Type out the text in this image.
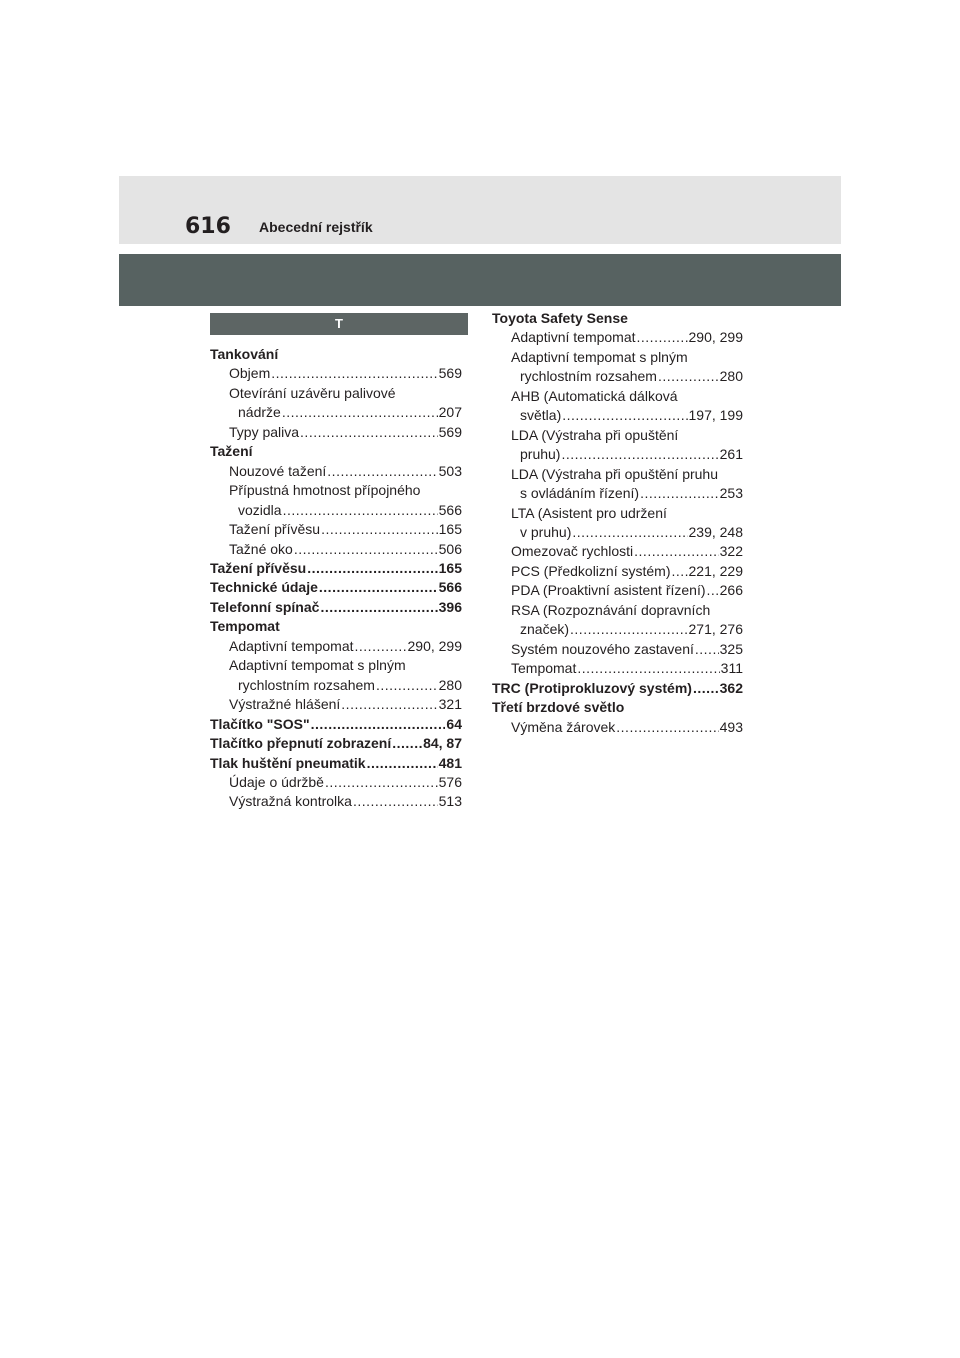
616 Abecední rejstřík
T
Tankování
Objem .....	569
Otevírání uzávěru palivové
nádrže .....	207
Typy paliva .....	569
Tažení
Nouzové tažení .....	503
Přípustná hmotnost přípojného
vozidla .....	566
Tažení přívěsu .....	165
Tažné oko .....	506
Tažení přívěsu .....	165
Technické údaje .....	566
Telefonní spínač .....	396
Tempomat
Adaptivní tempomat .....	290, 299
Adaptivní tempomat s plným
rychlostním rozsahem .....	280
Výstražné hlášení .....	321
Tlačítko "SOS" .....	64
Tlačítko přepnutí zobrazení ..... 84, 87
Tlak huštění pneumatik .....	481
Údaje o údržbě .....	576
Výstražná kontrolka .....	513
Toyota Safety Sense
Adaptivní tempomat .....	290, 299
Adaptivní tempomat s plným
rychlostním rozsahem .....	280
AHB (Automatická dálková
světla) .....	197, 199
LDA (Výstraha při opuštění
pruhu) .....	261
LDA (Výstraha při opuštění pruhu
s ovládáním řízení) .....	253
LTA (Asistent pro udržení
v pruhu) .....	239, 248
Omezovač rychlosti .....	322
PCS (Předkolizní systém) ..... 221, 229
PDA (Proaktivní asistent řízení) ..... 266
RSA (Rozpoznávání dopravních
značek) .....	271, 276
Systém nouzového zastavení ..... 325
Tempomat .....	311
TRC (Protiprokluzový systém) ..... 362
Třetí brzdové světlo
Výměna žárovek .....	493
